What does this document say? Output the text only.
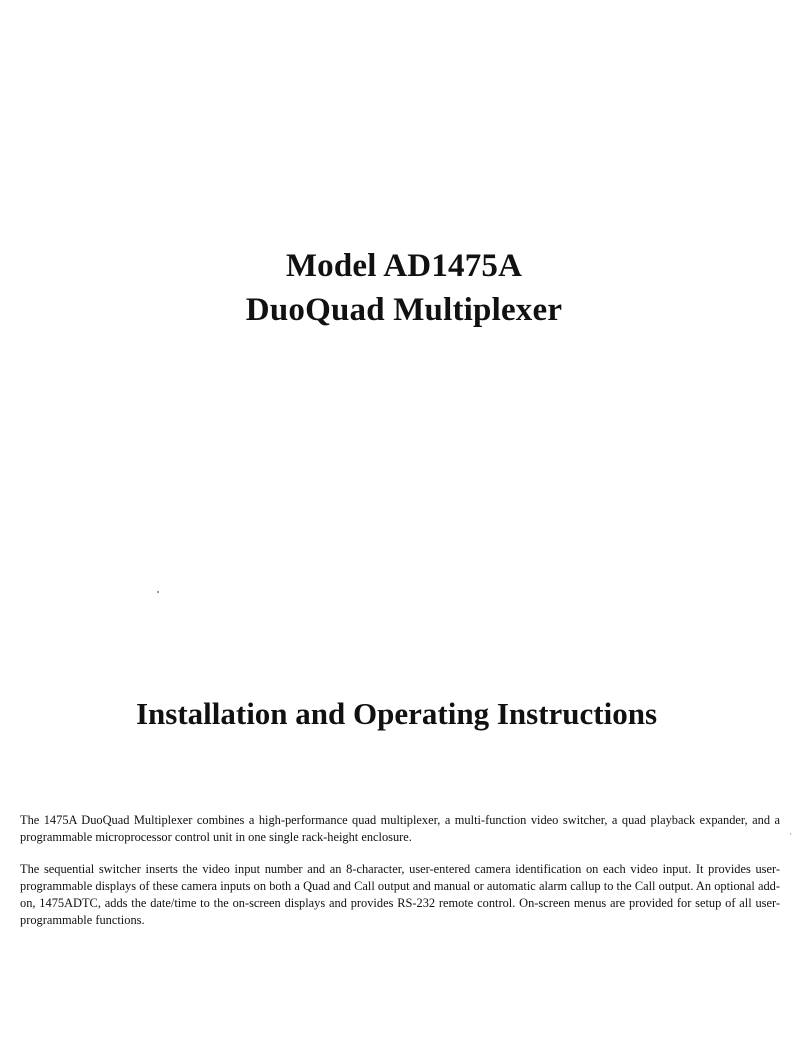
Model AD1475A
DuoQuad Multiplexer
Installation and Operating Instructions
The 1475A DuoQuad Multiplexer combines a high-performance quad multiplexer, a multi-function video switcher, a quad playback expander, and a programmable microprocessor control unit in one single rack-height enclosure.
The sequential switcher inserts the video input number and an 8-character, user-entered camera identification on each video input. It provides user-programmable displays of these camera inputs on both a Quad and Call output and manual or automatic alarm callup to the Call output. An optional add-on, 1475ADTC, adds the date/time to the on-screen displays and provides RS-232 remote control. On-screen menus are provided for setup of all user-programmable functions.
